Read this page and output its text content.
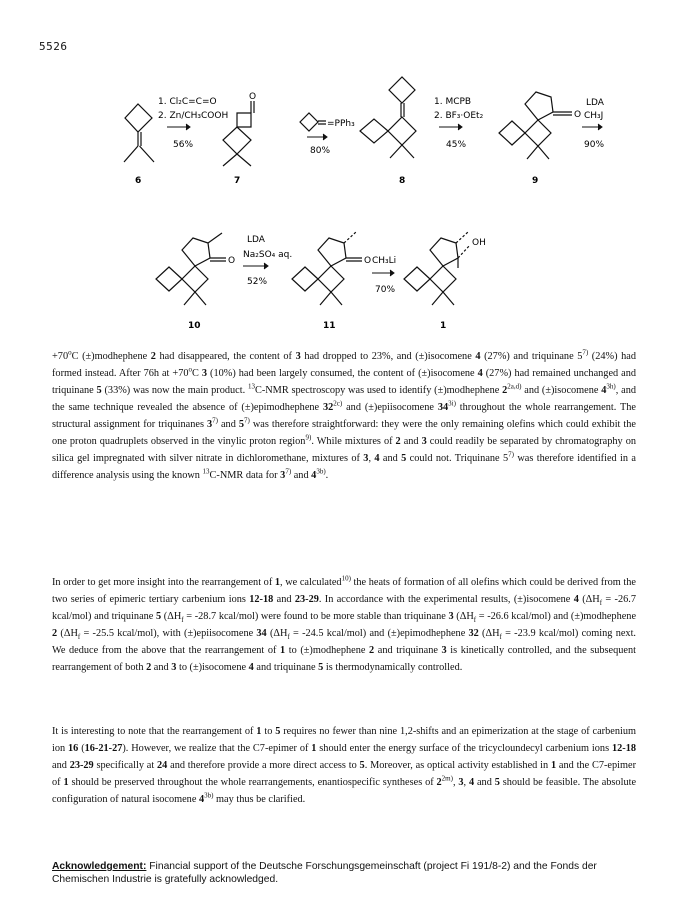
5526
1. Cl₂C=C=O
2. Zn/CH₃COOH
56%
=PPh₃
80%
1. MCPB
2. BF₃·OEt₂
45%
LDA
CH₃J
90%
LDA
Na₂SO₄ aq.
52%
CH₃Li
70%
O
O
O	O
OH
6	7	8	9
10	11	1

$+70^oC$ (±)modhephene 2 had disappeared, the content of 3 had dropped to 23%, and (±)isocomene 4 (27%) and triquinane 5$^{7)}$ (24%) had formed instead. After 76h at $+70^oC$ 3 (10%) had been largely consumed, the content of (±)isocomene 4 (27%) had remained unchanged and triquinane 5 (33%) was now the main product. $^{13}$C-NMR spectroscopy was used to identify (±)modhephene $2^{2a,d)}$ and (±)isocomene $4^{3h)}$, and the same technique revealed the absence of (±)epimodhephene $32^{2c)}$ and (±)epiisocomene $34^{3i)}$ throughout the whole rearrangement. The structural assignment for triquinanes 3$^{7)}$ and 5$^{7)}$ was therefore straightforward: they were the only remaining olefins which could exhibit the one proton quadruplets observed in the vinylic proton region$^{9)}$. While mixtures of 2 and 3 could readily be separated by chromatography on silica gel impregnated with silver nitrate in dichloromethane, mixtures of 3, 4 and 5 could not. Triquinane 5$^{7)}$ was therefore identified in a difference analysis using the known $^{13}$C-NMR data for 3$^{7)}$ and $4^{3b)}$.

In order to get more insight into the rearrangement of 1, we calculated$^{10)}$ the heats of formation of all olefins which could be derived from the two series of epimeric tertiary carbenium ions 12-18 and 23-29. In accordance with the experimental results, (±)isocomene 4 ($\Delta H_f = -26.7$ kcal/mol) and triquinane 5 ($\Delta H_f = -28.7$ kcal/mol) were found to be more stable than triquinane 3 ($\Delta H_f = -26.6$ kcal/mol) and (±)modhephene 2 ($\Delta H_f = -25.5$ kcal/mol), with (±)epiisocomene 34 ($\Delta H_f = -24.5$ kcal/mol) and (±)epimodhephene 32 ($\Delta H_f = -23.9$ kcal/mol) coming next. We deduce from the above that the rearrangement of 1 to (±)modhephene 2 and triquinane 3 is kinetically controlled, and the subsequent rearrangement of both 2 and 3 to (±)isocomene 4 and triquinane 5 is thermodynamically controlled.

It is interesting to note that the rearrangement of 1 to 5 requires no fewer than nine 1,2-shifts and an epimerization at the stage of carbenium ion 16 (16-21-27). However, we realize that the C7-epimer of 1 should enter the energy surface of the tricycloundecyl carbenium ions 12-18 and 23-29 specifically at 24 and therefore provide a more direct access to 5. Moreover, as optical activity established in 1 and the C7-epimer of 1 should be preserved throughout the whole rearrangements, enantiospecific syntheses of $2^{2m)}$, 3, 4 and 5 should be feasible. The absolute configuration of natural isocomene $4^{3b)}$ may thus be clarified.

Acknowledgement: Financial support of the Deutsche Forschungsgemeinschaft (project Fi 191/8-2) and the Fonds der Chemischen Industrie is gratefully acknowledged.
